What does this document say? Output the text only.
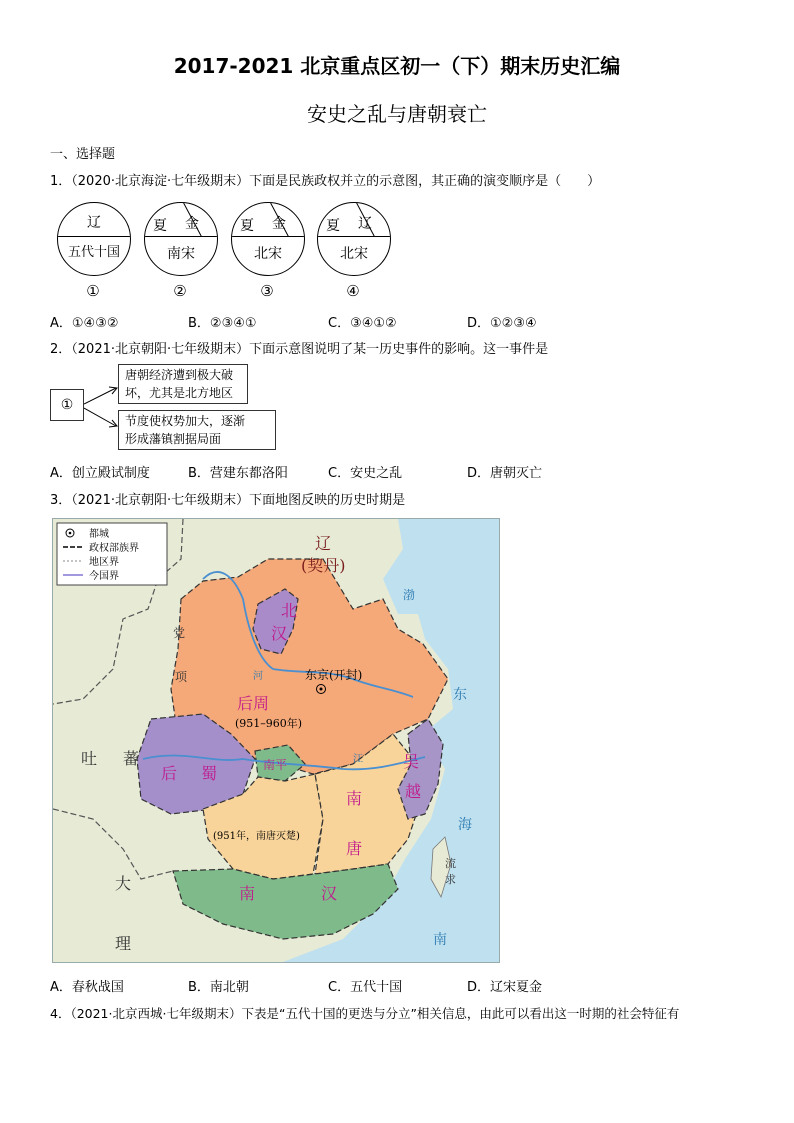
2017-2021 北京重点区初一（下）期末历史汇编
安史之乱与唐朝衰亡
一、选择题
1．（2020·北京海淀·七年级期末）下面是民族政权并立的示意图，其正确的演变顺序是（　　）
辽
五代十国
夏 金
南宋
夏 金
北宋
夏 辽
北宋
①	②	③	④
A．①④③②	B．②③④①	C．③④①②	D．①②③④
2．（2021·北京朝阳·七年级期末）下面示意图说明了某一历史事件的影响。这一事件是
①
唐朝经济遭到极大破
坏，尤其是北方地区
节度使权势加大，逐渐
形成藩镇割据局面
A．创立殿试制度	B．营建东都洛阳	C．安史之乱	D．唐朝灭亡
3．（2021·北京朝阳·七年级期末）下面地图反映的历史时期是
都城
政权部族界
地区界
今国界
辽
(契丹)
北
汉
东京(开封)
后周
(951–960年)
后 蜀	南平	吴
越
南
唐
(951年，南唐灭楚)
南	汉
吐 蕃
党
项
大
理
渤
东
海
流
求
南
河
江
A．春秋战国	B．南北朝	C．五代十国	D．辽宋夏金
4．（2021·北京西城·七年级期末）下表是“五代十国的更迭与分立”相关信息，由此可以看出这一时期的社会特征有
